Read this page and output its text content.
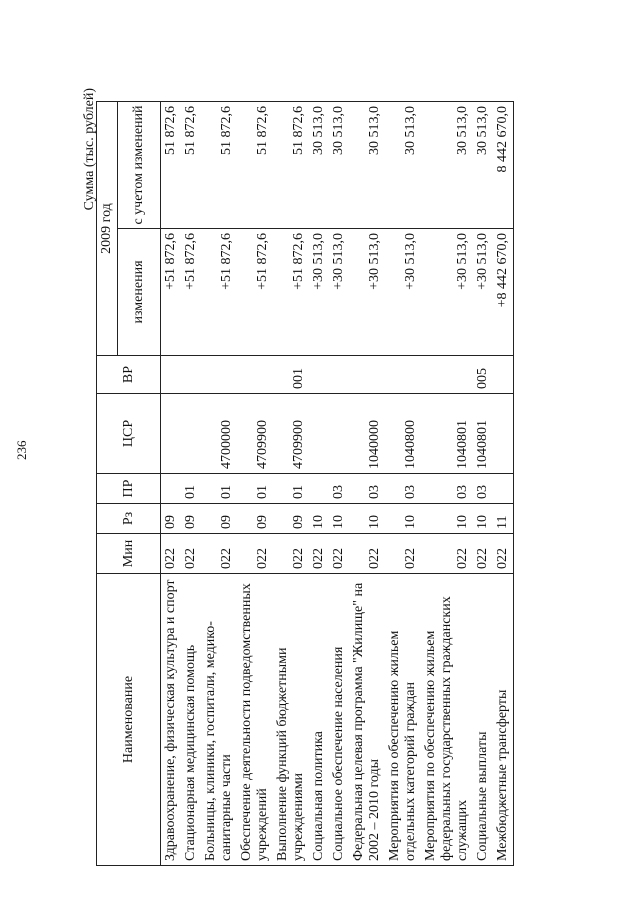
236
Сумма (тыс. рублей)
Наименование	Мин	Рз	ПР	ЦСР	ВР	2009 год	
						изменения	с учетом изменений
Здравоохранение, физическая культура и спорт	022	09				+51 872,6	51 872,6
Стационарная медицинская помощь	022	09	01			+51 872,6	51 872,6
Больницы, клиники, госпитали, медико-санитарные части	022	09	01	4700000		+51 872,6	51 872,6
Обеспечение деятельности подведомственных учреждений	022	09	01	4709900		+51 872,6	51 872,6
Выполнение функций бюджетными учреждениями	022	09	01	4709900	001	+51 872,6	51 872,6
Социальная политика	022	10				+30 513,0	30 513,0
Социальное обеспечение населения	022	10	03			+30 513,0	30 513,0
Федеральная целевая программа "Жилище" на 2002 – 2010 годы	022	10	03	1040000		+30 513,0	30 513,0
Мероприятия по обеспечению жильем отдельных категорий граждан	022	10	03	1040800		+30 513,0	30 513,0
Мероприятия по обеспечению жильем федеральных государственных гражданских служащих	022	10	03	1040801		+30 513,0	30 513,0
Социальные выплаты	022	10	03	1040801	005	+30 513,0	30 513,0
Межбюджетные трансферты	022	11				+8 442 670,0	8 442 670,0
